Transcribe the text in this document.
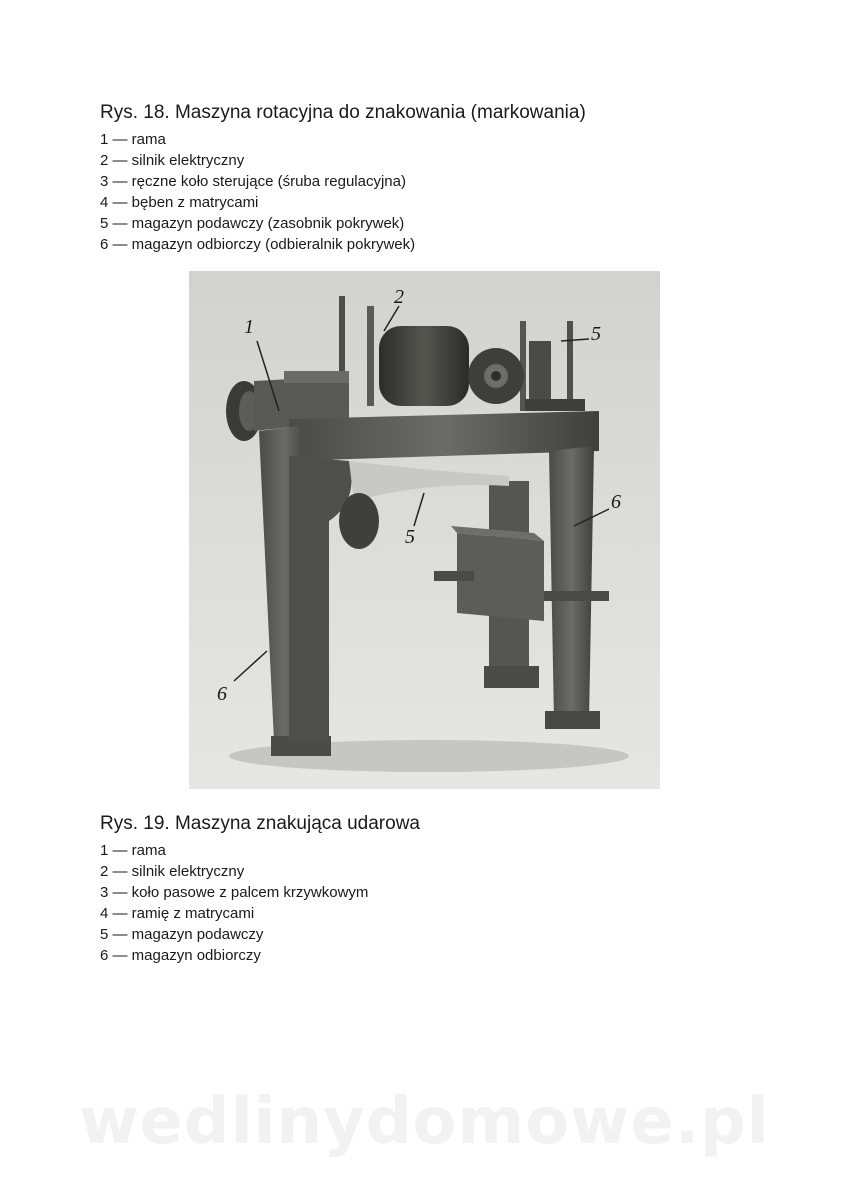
Rys. 18. Maszyna rotacyjna do znakowania (markowania)
1 — rama
2 — silnik elektryczny
3 — ręczne koło sterujące (śruba regulacyjna)
4 — bęben z matrycami
5 — magazyn podawczy (zasobnik pokrywek)
6 — magazyn odbiorczy (odbieralnik pokrywek)
1
2
5
6
5
6
Rys. 19. Maszyna znakująca udarowa
1 — rama
2 — silnik elektryczny
3 — koło pasowe z palcem krzywkowym
4 — ramię z matrycami
5 — magazyn podawczy
6 — magazyn odbiorczy
wedlinydomowe.pl
